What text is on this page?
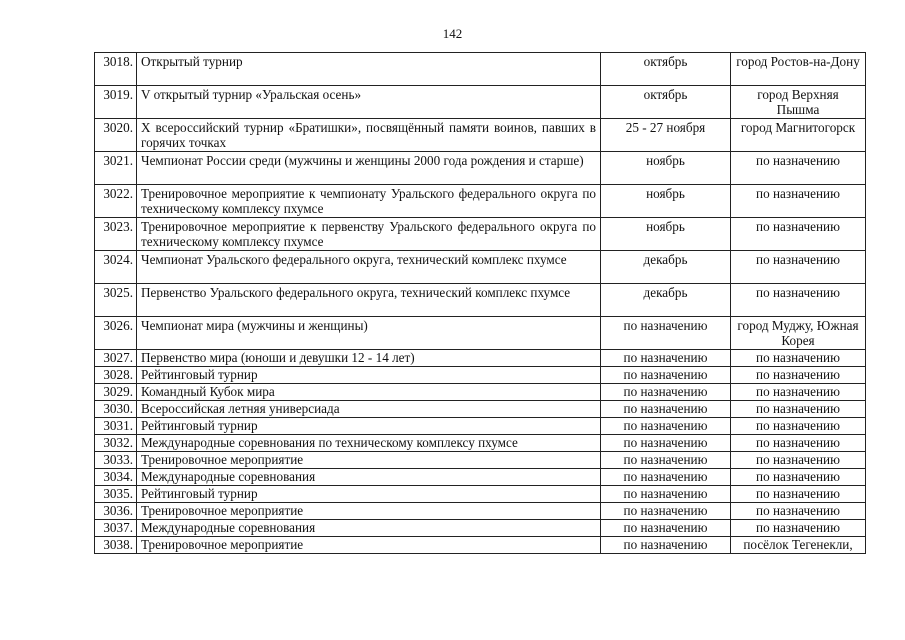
142
3018.	Открытый турнир	октябрь	город Ростов-на-Дону
3019.	V открытый турнир «Уральская осень»	октябрь	город Верхняя Пышма
3020.	X всероссийский турнир «Братишки», посвящённый памяти воинов, павших в горячих точках	25 - 27 ноября	город Магнитогорск
3021.	Чемпионат России среди (мужчины и женщины 2000 года рождения и старше)	ноябрь	по назначению
3022.	Тренировочное мероприятие к чемпионату Уральского федерального округа по техническому комплексу пхумсе	ноябрь	по назначению
3023.	Тренировочное мероприятие к первенству Уральского федерального округа по техническому комплексу пхумсе	ноябрь	по назначению
3024.	Чемпионат Уральского федерального округа, технический комплекс пхумсе	декабрь	по назначению
3025.	Первенство Уральского федерального округа, технический комплекс пхумсе	декабрь	по назначению
3026.	Чемпионат мира (мужчины и женщины)	по назначению	город Муджу, Южная Корея
3027.	Первенство мира (юноши и девушки 12 - 14 лет)	по назначению	по назначению
3028.	Рейтинговый турнир	по назначению	по назначению
3029.	Командный Кубок мира	по назначению	по назначению
3030.	Всероссийская летняя универсиада	по назначению	по назначению
3031.	Рейтинговый турнир	по назначению	по назначению
3032.	Международные соревнования по техническому комплексу пхумсе	по назначению	по назначению
3033.	Тренировочное мероприятие	по назначению	по назначению
3034.	Международные соревнования	по назначению	по назначению
3035.	Рейтинговый турнир	по назначению	по назначению
3036.	Тренировочное мероприятие	по назначению	по назначению
3037.	Международные соревнования	по назначению	по назначению
3038.	Тренировочное мероприятие	по назначению	посёлок Тегенекли,
